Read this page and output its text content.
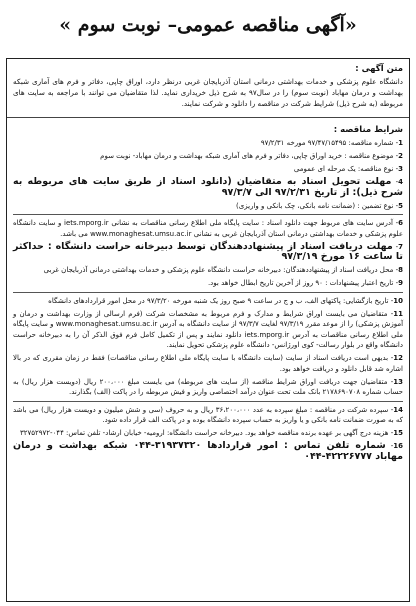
« آگهی مناقصه عمومی– نوبت سوم»
متن آگهی :
دانشگاه علوم پزشکی و خدمات بهداشتی درمانی استان آذربایجان غربی درنظر دارد، اوراق چاپی، دفاتر و فرم های آماری شبکه بهداشت و درمان مهاباد (نوبت سوم) را در سال۹۷ به شرح ذیل خریداری نماید. لذا متقاضیان می توانند با مراجعه به سایت های مربوطه (به شرح ذیل) شرایط شرکت در مناقصه را دانلود و شرکت نمایند.
شرایط مناقصه :
1- شماره مناقصه: ۹۷/۴۷/۱۵۴۹۵ مورخه ۹۷/۲/۳۱
2- موضوع مناقصه : خرید اوراق چاپی، دفاتر و فرم های آماری شبکه بهداشت و درمان مهاباد- نوبت سوم
3- نوع مناقصه: یک مرحله ای عمومی
4- مهلت تحویل اسناد به متقاضیان (دانلود اسناد از طریق سایت های مربوطه به شرح ذیل): از تاریخ ۹۷/۲/۳۱ الی ۹۷/۳/۷
5- نوع تضمین : (ضمانت نامه بانکی، چک بانکی و واریزی)
6- آدرس سایت های مربوط جهت دانلود اسناد : سایت پایگاه ملی اطلاع رسانی مناقصات به نشانی iets.mporg.ir و سایت دانشگاه علوم پزشکی و خدمات بهداشتی درمانی استان آذربایجان غربی به نشانی www.monaghesat.umsu.ac.ir می باشد.
7- مهلت دریافت اسناد از پیشنهاددهندگان توسط دبیرخانه حراست دانشگاه : حداکثر تا ساعت ۱۶ مورخ ۹۷/۳/۱۹
8- محل دریافت اسناد از پیشنهاددهندگان: دبیرخانه حراست دانشگاه علوم پزشکی و خدمات بهداشتی درمانی آذربایجان غربی
9- تاریخ اعتبار پیشنهادات : ۹۰ روز از آخرین تاریخ ابطال خواهد بود.
10- تاریخ بازگشایی: پاکتهای الف، ب و ج در ساعت ۹ صبح روز یک شنبه مورخه ۹۷/۳/۲۰ در محل امور قراردادهای دانشگاه
11- متقاضیان می بایست اوراق شرایط و مدارک و فرم مربوط به مشخصات شرکت (فرم ارسالی از وزارت بهداشت و درمان و آموزش پزشکی) را از موعد مقرر ۹۷/۳/۱۹ لغایت ۹۷/۳/۷ از سایت دانشگاه به آدرس www.monaghesat.umsu.ac.ir و سایت پایگاه ملی اطلاع رسانی مناقصات به آدرس iets.mporg.ir دانلود نمایند و پس از تکمیل کامل فرم فوق الذکر آن را به دبیرخانه حراست دانشگاه واقع در بلوار رسالت- کوی اورژانس- دانشگاه علوم پزشکی تحویل نمایند.
12- بدیهی است دریافت اسناد از سایت (سایت دانشگاه با سایت پایگاه ملی اطلاع رسانی مناقصات) فقط در زمان مقرری که در بالا اشاره شد قابل دانلود و دریافت خواهد بود.
13- متقاضیان جهت دریافت اوراق شرایط مناقصه (از سایت های مربوطه) می بایست مبلغ ۲۰۰،۰۰۰ ریال (دویست هزار ریال) به حساب شماره ۲۱۷۸۶۹۰۷۰۸ بانک ملت تحت عنوان درآمد اختصاصی واریز و فیش مربوطه را در پاکت (الف) بگذارند.
14- سپرده شرکت در مناقصه : مبلغ سپرده به عدد ۳۶،۲۰۰،۰۰۰ ریال و به حروف (سی و شش میلیون و دویست هزار ریال) می باشد که به صورت ضمانت نامه بانکی و یا واریز به حساب سپرده دانشگاه بوده و در پاکت الف قرار داده شود.
15- هزینه درج آگهی بر عهده برنده مناقصه خواهد بود. دبیرخانه حراست دانشگاه: ارومیه- خیابان ارشاد- تلفن تماس: ۰۴۴-۳۲۷۵۲۹۷۲
16- شماره تلفن تماس : امور قراردادها ۳۱۹۳۷۳۲۰-۰۴۴ شبکه بهداشت و درمان مهاباد ۴۲۲۲۶۷۷۷-۰۴۴
